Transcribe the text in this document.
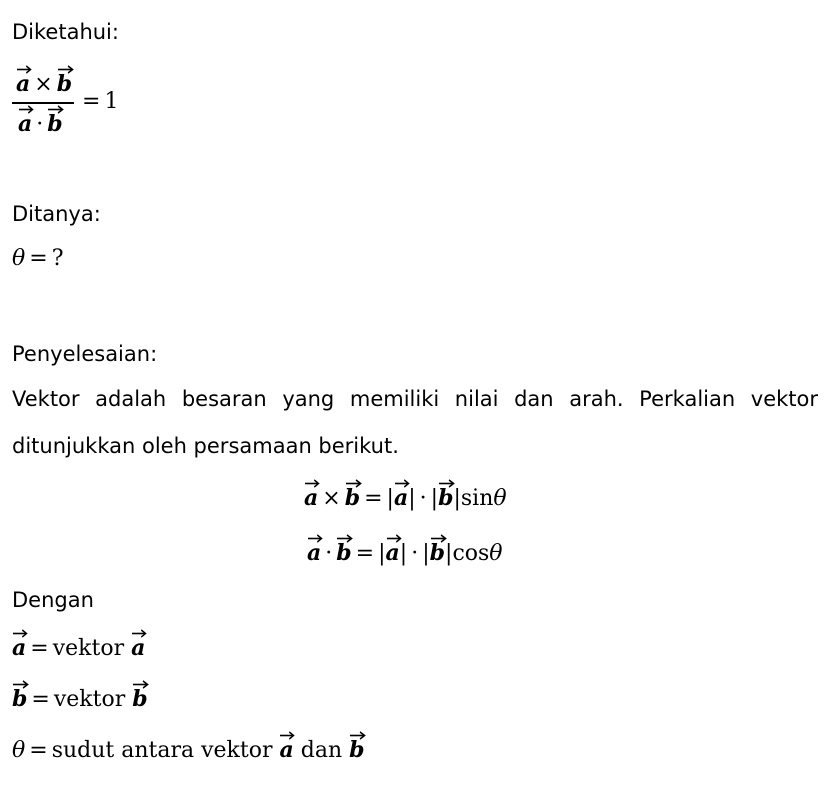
Diketahui:
a × b
a · b
= 1
Ditanya:
θ = ?
Penyelesaian:
Vektor adalah besaran yang memiliki nilai dan arah. Perkalian vektor ditunjukkan oleh persamaan berikut.
a × b = |
a| · |
b|sinθ
a · b = |
a| · |
b|cosθ
Dengan
a = vektor a
b = vektor b
θ = sudut antara vektor a dan b
